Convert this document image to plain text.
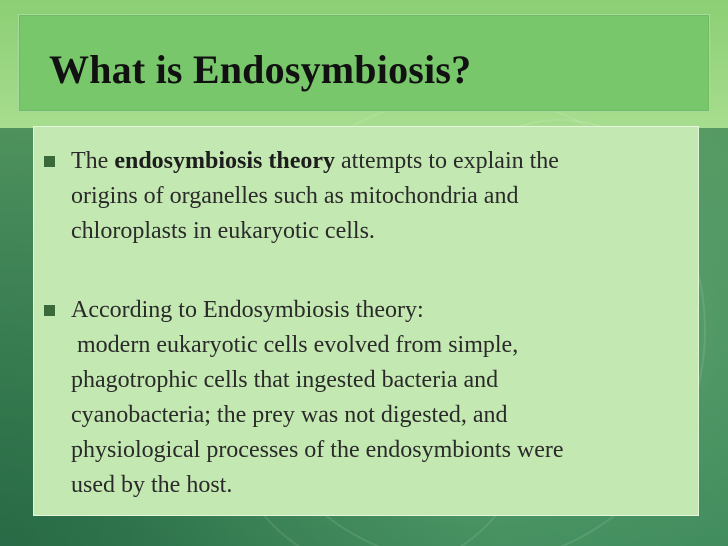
What is Endosymbiosis?

The endosymbiosis theory attempts to explain the
origins of organelles such as mitochondria and
chloroplasts in eukaryotic cells.

According to Endosymbiosis theory:
modern eukaryotic cells evolved from simple,
phagotrophic cells that ingested bacteria and
cyanobacteria; the prey was not digested, and
physiological processes of the endosymbionts were
used by the host.
